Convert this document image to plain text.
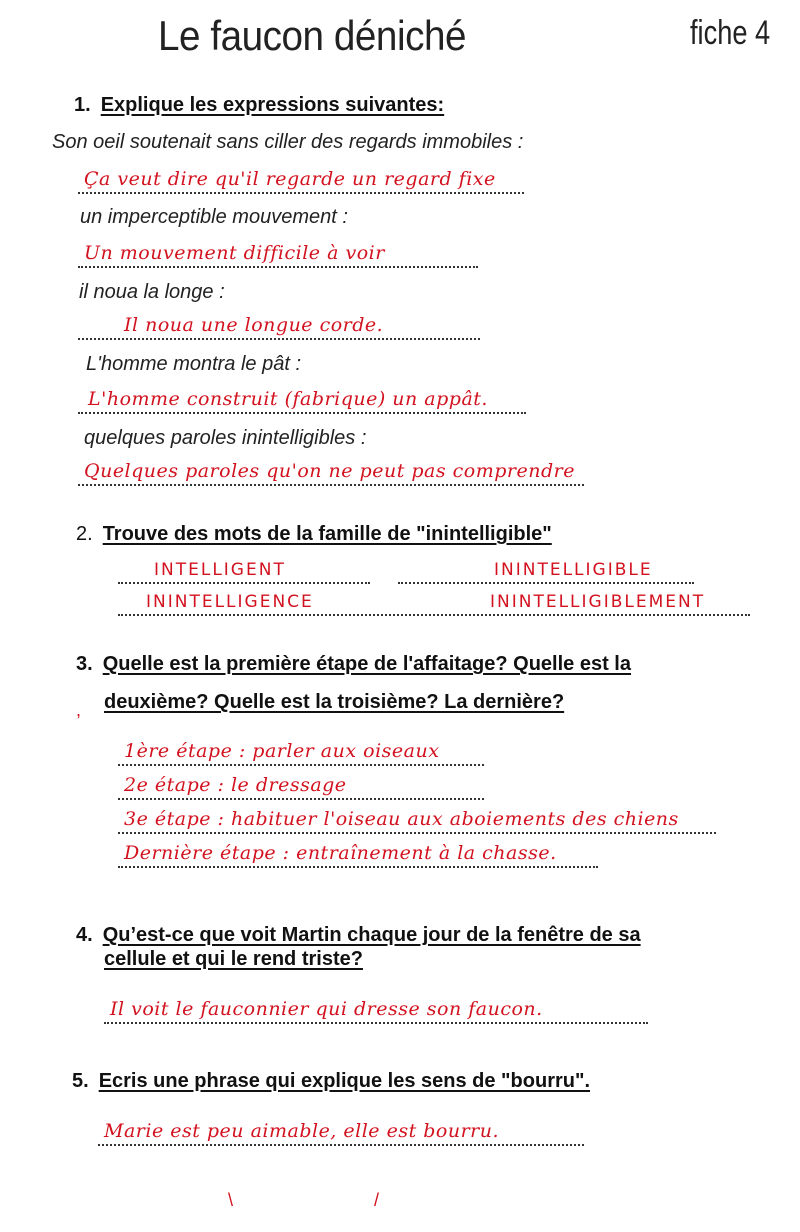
Le faucon déniché	fiche 4
1. Explique les expressions suivantes:
Son oeil soutenait sans ciller des regards immobiles :
Ça veut dire qu'il regarde un regard fixe
un imperceptible mouvement :
Un mouvement difficile à voir
il noua la longe :
Il noua une longue corde.
L'homme montra le pât :
L'homme construit (fabrique) un appât.
quelques paroles inintelligibles :
Quelques paroles qu'on ne peut pas comprendre
2. Trouve des mots de la famille de "inintelligible"
INTELLIGENT	ININTELLIGIBLE
ININTELLIGENCE	ININTELLIGIBLEMENT
3. Quelle est la première étape de l'affaitage? Quelle est la
deuxième? Quelle est la troisième? La dernière?
,
1ère étape : parler aux oiseaux
2e étape : le dressage
3e étape : habituer l'oiseau aux aboiements des chiens
Dernière étape : entraînement à la chasse.
4. Qu’est-ce que voit Martin chaque jour de la fenêtre de sa
cellule et qui le rend triste?
Il voit le fauconnier qui dresse son faucon.
5. Ecris une phrase qui explique les sens de "bourru".
Marie est peu aimable, elle est bourru.
\	/
